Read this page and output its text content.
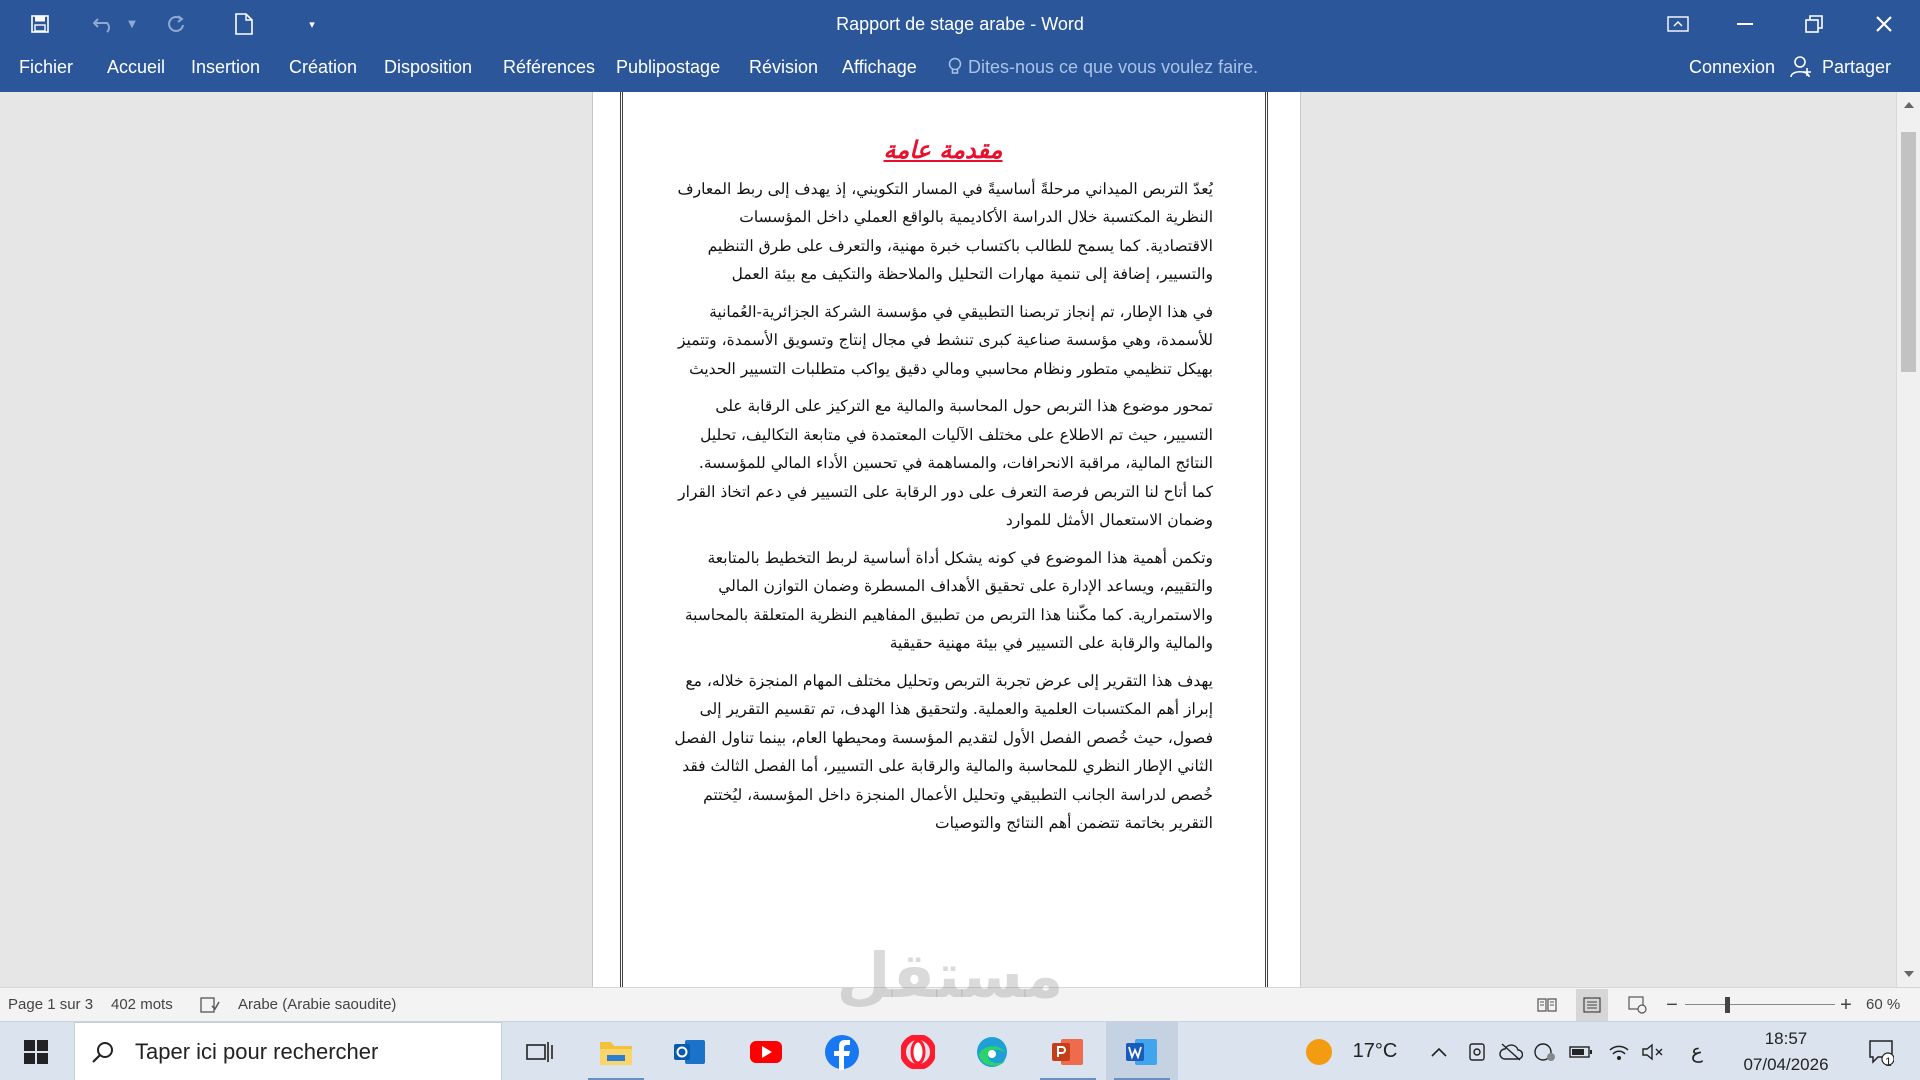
▼	▾	Rapport de stage arabe - Word
Fichier Accueil Insertion Création Disposition Références Publipostage Révision Affichage	Dites-nous ce que vous voulez faire.	Connexion	Partager
مقدمة عامة

يُعدّ التربص الميداني مرحلةً أساسيةً في المسار التكويني، إذ يهدف إلى ربط المعارف النظرية المكتسبة خلال الدراسة الأكاديمية بالواقع العملي داخل المؤسسات الاقتصادية. كما يسمح للطالب باكتساب خبرة مهنية، والتعرف على طرق التنظيم والتسيير، إضافة إلى تنمية مهارات التحليل والملاحظة والتكيف مع بيئة العمل

في هذا الإطار، تم إنجاز تربصنا التطبيقي في مؤسسة الشركة الجزائرية-العُمانية للأسمدة، وهي مؤسسة صناعية كبرى تنشط في مجال إنتاج وتسويق الأسمدة، وتتميز بهيكل تنظيمي متطور ونظام محاسبي ومالي دقيق يواكب متطلبات التسيير الحديث

تمحور موضوع هذا التربص حول المحاسبة والمالية مع التركيز على الرقابة على التسيير، حيث تم الاطلاع على مختلف الآليات المعتمدة في متابعة التكاليف، تحليل النتائج المالية، مراقبة الانحرافات، والمساهمة في تحسين الأداء المالي للمؤسسة. كما أتاح لنا التربص فرصة التعرف على دور الرقابة على التسيير في دعم اتخاذ القرار وضمان الاستعمال الأمثل للموارد

وتكمن أهمية هذا الموضوع في كونه يشكل أداة أساسية لربط التخطيط بالمتابعة والتقييم، ويساعد الإدارة على تحقيق الأهداف المسطرة وضمان التوازن المالي والاستمرارية. كما مكّننا هذا التربص من تطبيق المفاهيم النظرية المتعلقة بالمحاسبة والمالية والرقابة على التسيير في بيئة مهنية حقيقية

يهدف هذا التقرير إلى عرض تجربة التربص وتحليل مختلف المهام المنجزة خلاله، مع إبراز أهم المكتسبات العلمية والعملية. ولتحقيق هذا الهدف، تم تقسيم التقرير إلى فصول، حيث خُصص الفصل الأول لتقديم المؤسسة ومحيطها العام، بينما تناول الفصل الثاني الإطار النظري للمحاسبة والمالية والرقابة على التسيير، أما الفصل الثالث فقد خُصص لدراسة الجانب التطبيقي وتحليل الأعمال المنجزة داخل المؤسسة، ليُختتم التقرير بخاتمة تتضمن أهم النتائج والتوصيات

Page 1 sur 3 402 mots	Arabe (Arabie saoudite)	−	+ 60 %
مستقل
Taper ici pour rechercher	17°C	ع
18:57
07/04/2026	1
